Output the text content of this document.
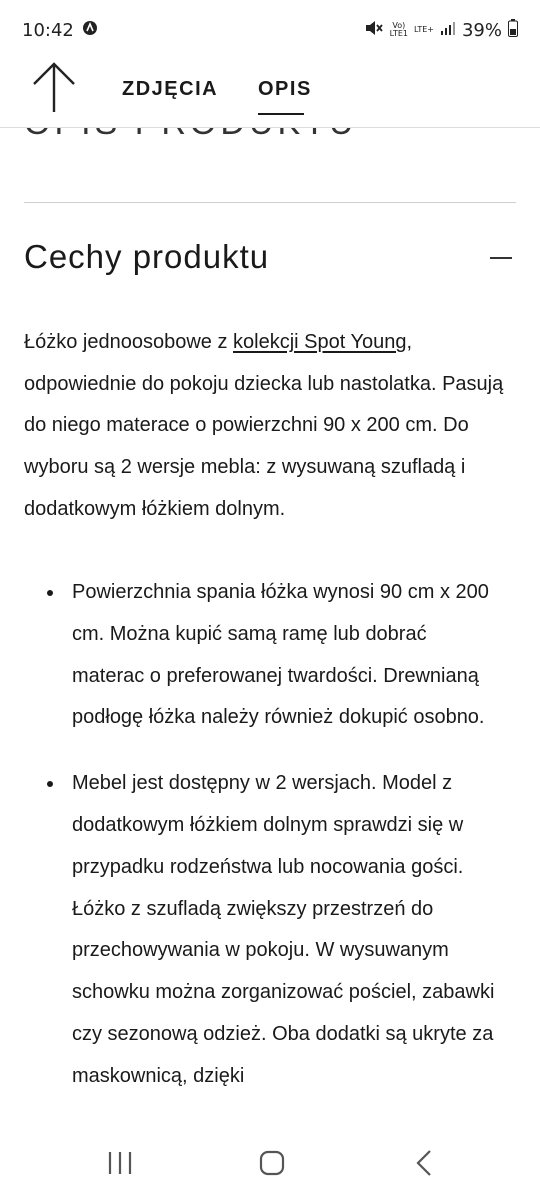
10:42	Vo)
LTE1 LTE+ 39%
ZDJĘCIA OPIS
Cechy produktu

Łóżko jednoosobowe z kolekcji Spot Young, odpowiednie do pokoju dziecka lub nastolatka. Pasują do niego materace o powierzchni 90 x 200 cm. Do wyboru są 2 wersje mebla: z wysuwaną szufladą i dodatkowym łóżkiem dolnym.

Powierzchnia spania łóżka wynosi 90 cm x 200 cm. Można kupić samą ramę lub dobrać materac o preferowanej twardości. Drewnianą podłogę łóżka należy również dokupić osobno.
Mebel jest dostępny w 2 wersjach. Model z dodatkowym łóżkiem dolnym sprawdzi się w przypadku rodzeństwa lub nocowania gości. Łóżko z szufladą zwiększy przestrzeń do przechowywania w pokoju. W wysuwanym schowku można zorganizować pościel, zabawki czy sezonową odzież. Oba dodatki są ukryte za maskownicą, dzięki
